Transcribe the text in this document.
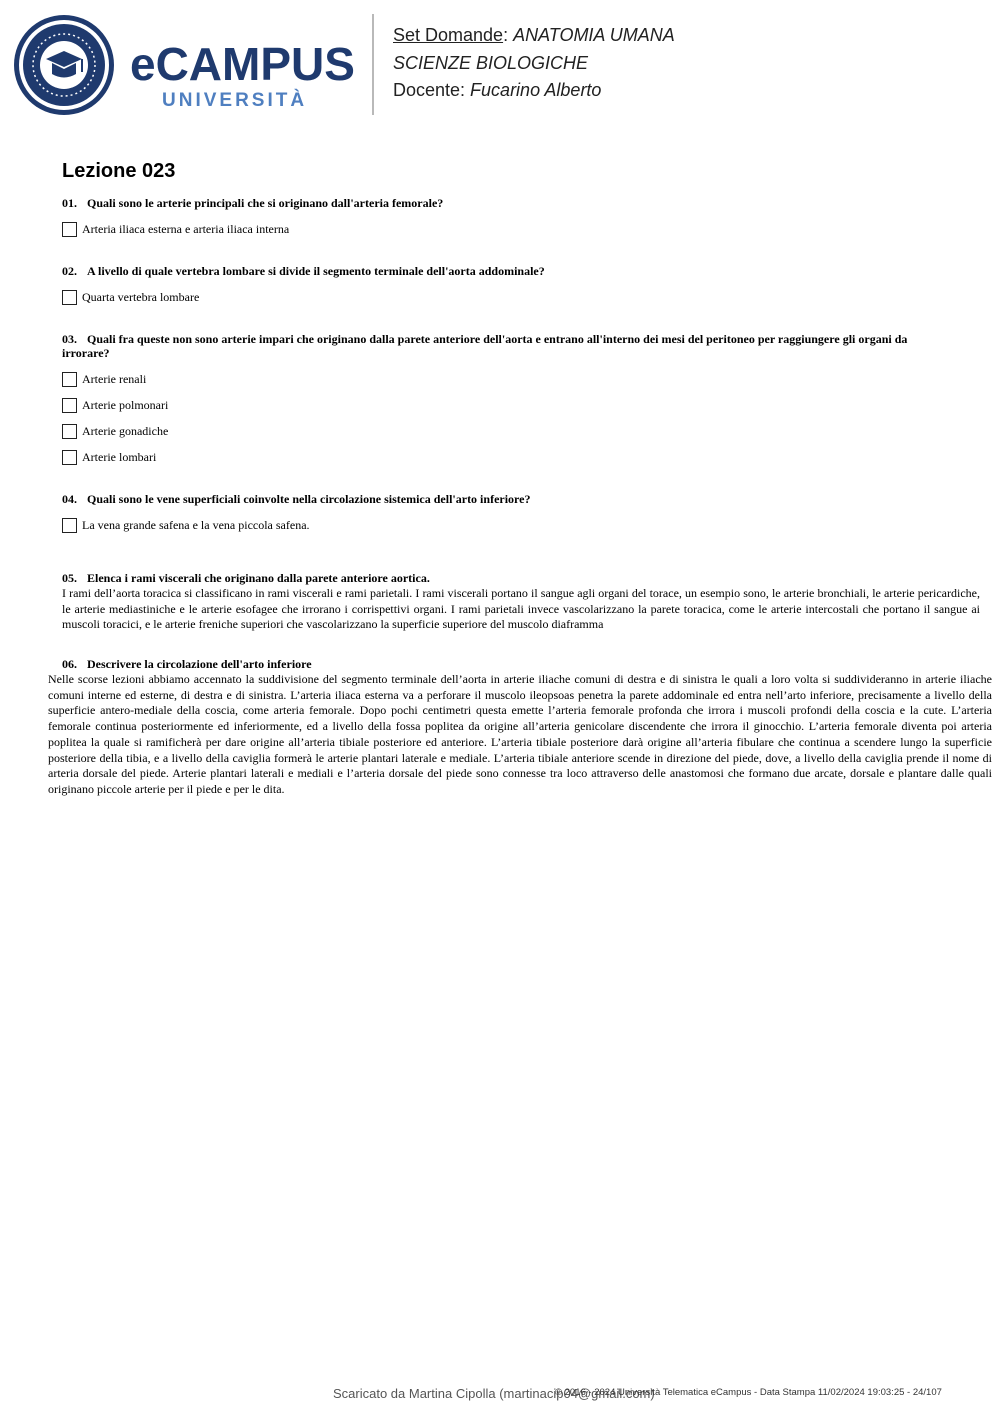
eCAMPUS
UNIVERSITÀ
Set Domande: ANATOMIA UMANA
SCIENZE BIOLOGICHE
Docente: Fucarino Alberto
Lezione 023
01. Quali sono le arterie principali che si originano dall'arteria femorale?
Arteria iliaca esterna e arteria iliaca interna
02. A livello di quale vertebra lombare si divide il segmento terminale dell'aorta addominale?
Quarta vertebra lombare
03. Quali fra queste non sono arterie impari che originano dalla parete anteriore dell'aorta e entrano all'interno dei mesi del peritoneo per raggiungere gli organi da irrorare?
Arterie renali
Arterie polmonari
Arterie gonadiche
Arterie lombari
04. Quali sono le vene superficiali coinvolte nella circolazione sistemica dell'arto inferiore?
La vena grande safena e la vena piccola safena.
05. Elenca i rami viscerali che originano dalla parete anteriore aortica.
I rami dell’aorta toracica si classificano in rami viscerali e rami parietali. I rami viscerali portano il sangue agli organi del torace, un esempio sono, le arterie bronchiali, le arterie pericardiche, le arterie mediastiniche e le arterie esofagee che irrorano i corrispettivi organi. I rami parietali invece vascolarizzano la parete toracica, come le arterie intercostali che portano il sangue ai muscoli toracici, e le arterie freniche superiori che vascolarizzano la superficie superiore del muscolo diaframma
06. Descrivere la circolazione dell'arto inferiore
Nelle scorse lezioni abbiamo accennato la suddivisione del segmento terminale dell’aorta in arterie iliache comuni di destra e di sinistra le quali a loro volta si suddivideranno in arterie iliache comuni interne ed esterne, di destra e di sinistra. L’arteria iliaca esterna va a perforare il muscolo ileopsoas penetra la parete addominale ed entra nell’arto inferiore, precisamente a livello della superficie antero-mediale della coscia, come arteria femorale. Dopo pochi centimetri questa emette l’arteria femorale profonda che irrora i muscoli profondi della coscia e la cute. L’arteria femorale continua posteriormente ed inferiormente, ed a livello della fossa poplitea da origine all’arteria genicolare discendente che irrora il ginocchio. L’arteria femorale diventa poi arteria poplitea la quale si ramificherà per dare origine all’arteria tibiale posteriore ed anteriore. L’arteria tibiale posteriore darà origine all’arteria fibulare che continua a scendere lungo la superficie posteriore della tibia, e a livello della caviglia formerà le arterie plantari laterale e mediale. L’arteria tibiale anteriore scende in direzione del piede, dove, a livello della caviglia prende il nome di arteria dorsale del piede. Arterie plantari laterali e mediali e l’arteria dorsale del piede sono connesse tra loco attraverso delle anastomosi che formano due arcate, dorsale e plantare dalle quali originano piccole arterie per il piede e per le dita.
Scaricato da Martina Cipolla (martinacip04@gmail.com)
© 2016 - 2024 Università Telematica eCampus - Data Stampa 11/02/2024 19:03:25 - 24/107
